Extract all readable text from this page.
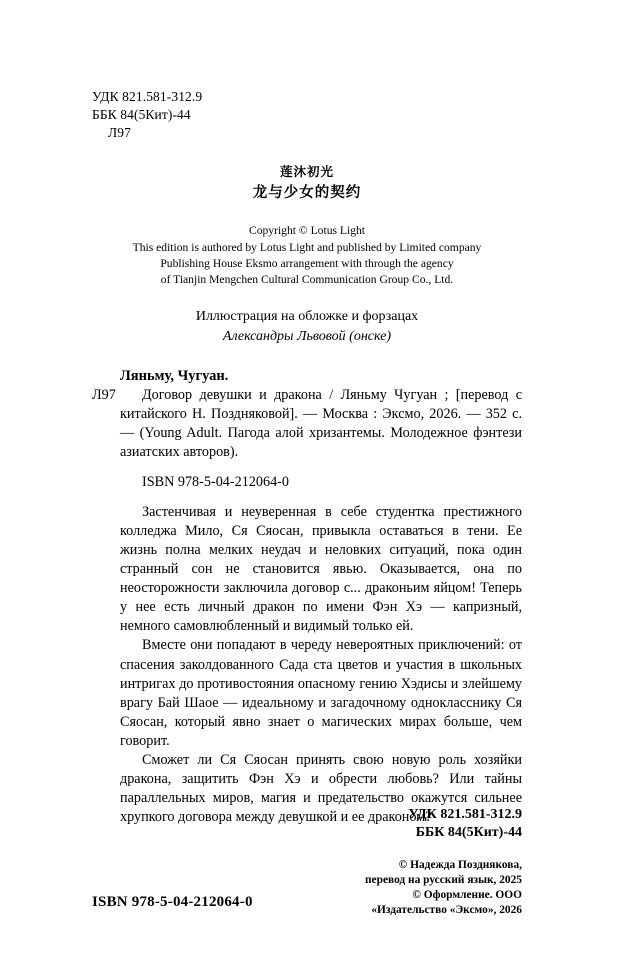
УДК 821.581-312.9
ББК 84(5Кит)-44
Л97
莲沐初光
龙与少女的契约
Copyright © Lotus Light
This edition is authored by Lotus Light and published by Limited company
Publishing House Eksmo arrangement with through the agency
of Tianjin Mengchen Cultural Communication Group Co., Ltd.
Иллюстрация на обложке и форзацах
Александры Львовой (онске)
Ляньму, Чугуан.
Л97	Договор девушки и дракона / Ляньму Чугуан ; [перевод с китайского Н. Поздняковой]. — Москва : Эксмо, 2026. — 352 с. — (Young Adult. Пагода алой хризантемы. Молодежное фэнтези азиатских авторов).
ISBN 978-5-04-212064-0

Застенчивая и неуверенная в себе студентка престижного колледжа Мило, Ся Сяосан, привыкла оставаться в тени. Ее жизнь полна мелких неудач и неловких ситуаций, пока один странный сон не становится явью. Оказывается, она по неосторожности заключила договор с... драконьим яйцом! Теперь у нее есть личный дракон по имени Фэн Хэ — капризный, немного самовлюбленный и видимый только ей.

Вместе они попадают в череду невероятных приключений: от спасения заколдованного Сада ста цветов и участия в школьных интригах до противостояния опасному гению Хэдисы и злейшему врагу Бай Шаое — идеальному и загадочному однокласснику Ся Сяосан, который явно знает о магических мирах больше, чем говорит.

Сможет ли Ся Сяосан принять свою новую роль хозяйки дракона, защитить Фэн Хэ и обрести любовь? Или тайны параллельных миров, магия и предательство окажутся сильнее хрупкого договора между девушкой и ее драконом?

УДК 821.581-312.9
ББК 84(5Кит)-44
© Надежда Позднякова,
перевод на русский язык, 2025
© Оформление. ООО
«Издательство «Эксмо», 2026
ISBN 978-5-04-212064-0
